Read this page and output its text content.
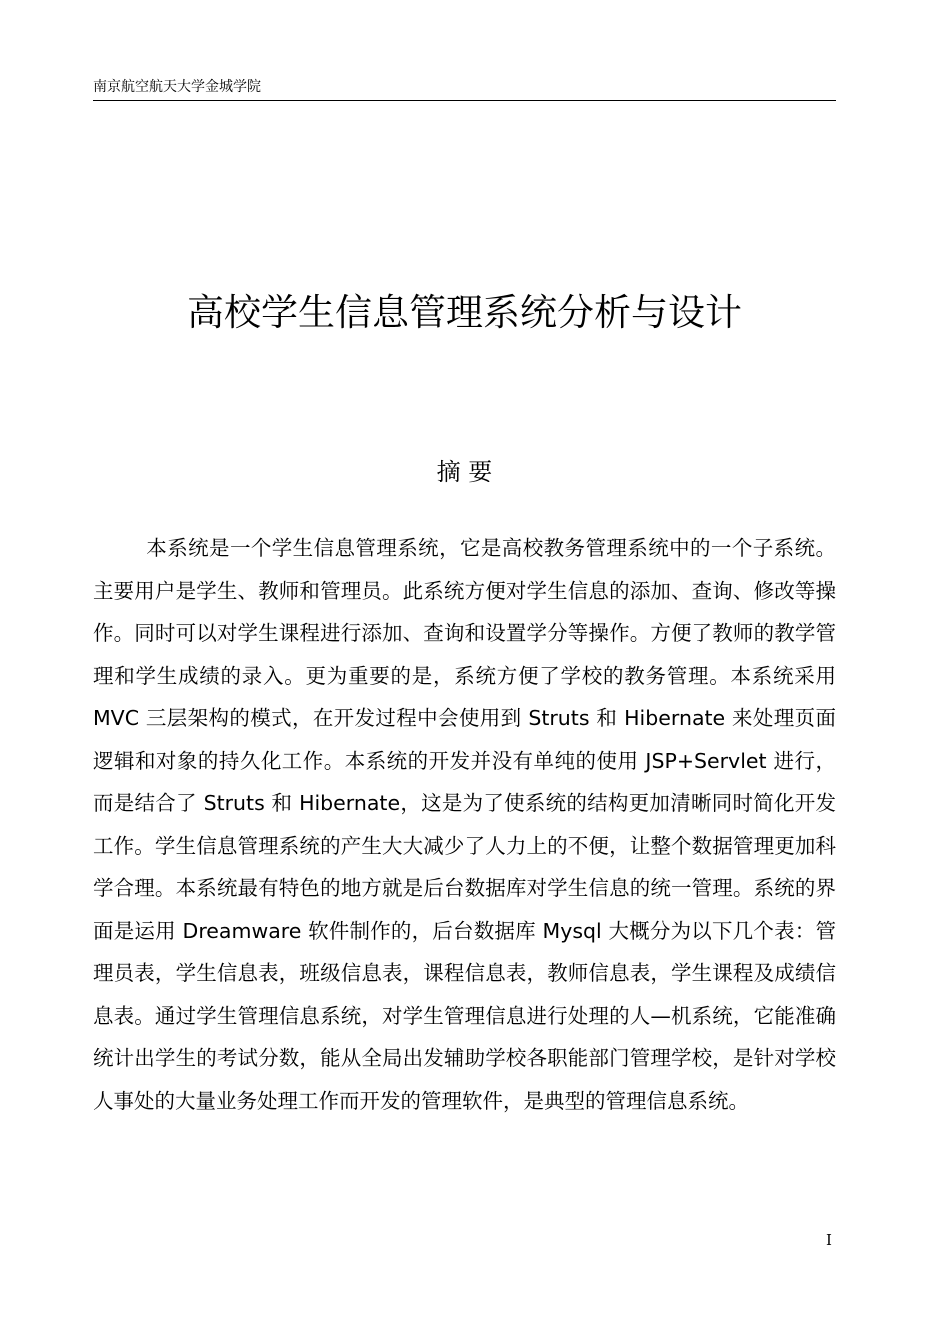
南京航空航天大学金城学院
高校学生信息管理系统分析与设计
摘 要

本系统是一个学生信息管理系统，它是高校教务管理系统中的一个子系统。主要用户是学生、教师和管理员。此系统方便对学生信息的添加、查询、修改等操作。同时可以对学生课程进行添加、查询和设置学分等操作。方便了教师的教学管理和学生成绩的录入。更为重要的是，系统方便了学校的教务管理。本系统采用 MVC 三层架构的模式，在开发过程中会使用到 Struts 和 Hibernate 来处理页面逻辑和对象的持久化工作。本系统的开发并没有单纯的使用 JSP+Servlet 进行，而是结合了 Struts 和 Hibernate，这是为了使系统的结构更加清晰同时简化开发工作。学生信息管理系统的产生大大减少了人力上的不便，让整个数据管理更加科学合理。本系统最有特色的地方就是后台数据库对学生信息的统一管理。系统的界面是运用 Dreamware 软件制作的，后台数据库 Mysql 大概分为以下几个表：管理员表，学生信息表，班级信息表，课程信息表，教师信息表，学生课程及成绩信息表。通过学生管理信息系统，对学生管理信息进行处理的人—机系统，它能准确统计出学生的考试分数，能从全局出发辅助学校各职能部门管理学校，是针对学校人事处的大量业务处理工作而开发的管理软件，是典型的管理信息系统。

I
